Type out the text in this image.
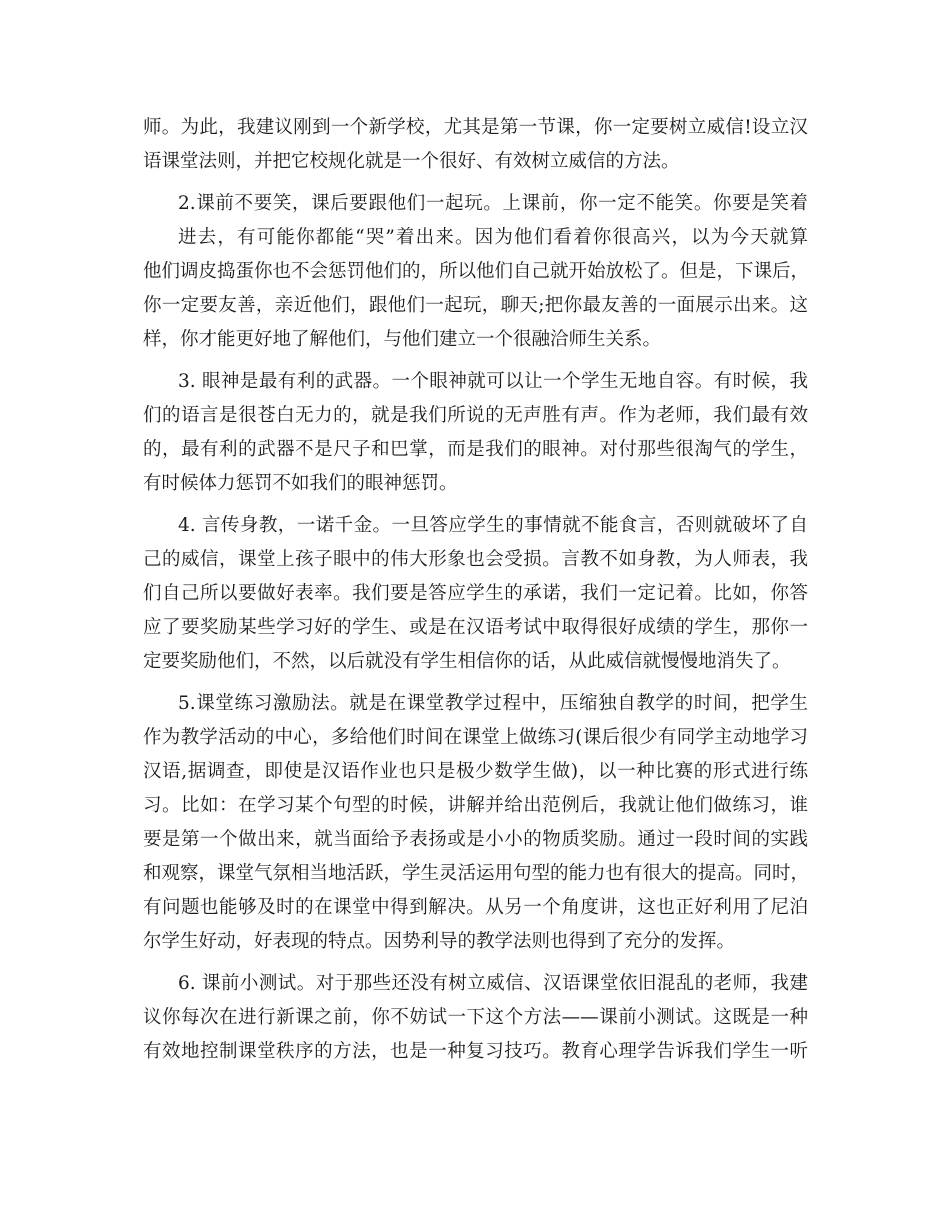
师。为此，我建议刚到一个新学校，尤其是第一节课，你一定要树立威信!设立汉
语课堂法则，并把它校规化就是一个很好、有效树立威信的方法。
2.课前不要笑，课后要跟他们一起玩。上课前，你一定不能笑。你要是笑着
进去，有可能你都能“哭”着出来。因为他们看着你很高兴，以为今天就算
他们调皮捣蛋你也不会惩罚他们的，所以他们自己就开始放松了。但是，下课后，
你一定要友善，亲近他们，跟他们一起玩，聊天;把你最友善的一面展示出来。这
样，你才能更好地了解他们，与他们建立一个很融洽师生关系。
3. 眼神是最有利的武器。一个眼神就可以让一个学生无地自容。有时候，我
们的语言是很苍白无力的，就是我们所说的无声胜有声。作为老师，我们最有效
的，最有利的武器不是尺子和巴掌，而是我们的眼神。对付那些很淘气的学生，
有时候体力惩罚不如我们的眼神惩罚。
4. 言传身教，一诺千金。一旦答应学生的事情就不能食言，否则就破坏了自
己的威信，课堂上孩子眼中的伟大形象也会受损。言教不如身教，为人师表，我
们自己所以要做好表率。我们要是答应学生的承诺，我们一定记着。比如，你答
应了要奖励某些学习好的学生、或是在汉语考试中取得很好成绩的学生，那你一
定要奖励他们，不然，以后就没有学生相信你的话，从此威信就慢慢地消失了。
5.课堂练习激励法。就是在课堂教学过程中，压缩独自教学的时间，把学生
作为教学活动的中心，多给他们时间在课堂上做练习(课后很少有同学主动地学习
汉语,据调查，即使是汉语作业也只是极少数学生做)，以一种比赛的形式进行练
习。比如：在学习某个句型的时候，讲解并给出范例后，我就让他们做练习，谁
要是第一个做出来，就当面给予表扬或是小小的物质奖励。通过一段时间的实践
和观察，课堂气氛相当地活跃，学生灵活运用句型的能力也有很大的提高。同时，
有问题也能够及时的在课堂中得到解决。从另一个角度讲，这也正好利用了尼泊
尔学生好动，好表现的特点。因势利导的教学法则也得到了充分的发挥。
6. 课前小测试。对于那些还没有树立威信、汉语课堂依旧混乱的老师，我建
议你每次在进行新课之前，你不妨试一下这个方法——课前小测试。这既是一种
有效地控制课堂秩序的方法，也是一种复习技巧。教育心理学告诉我们学生一听
